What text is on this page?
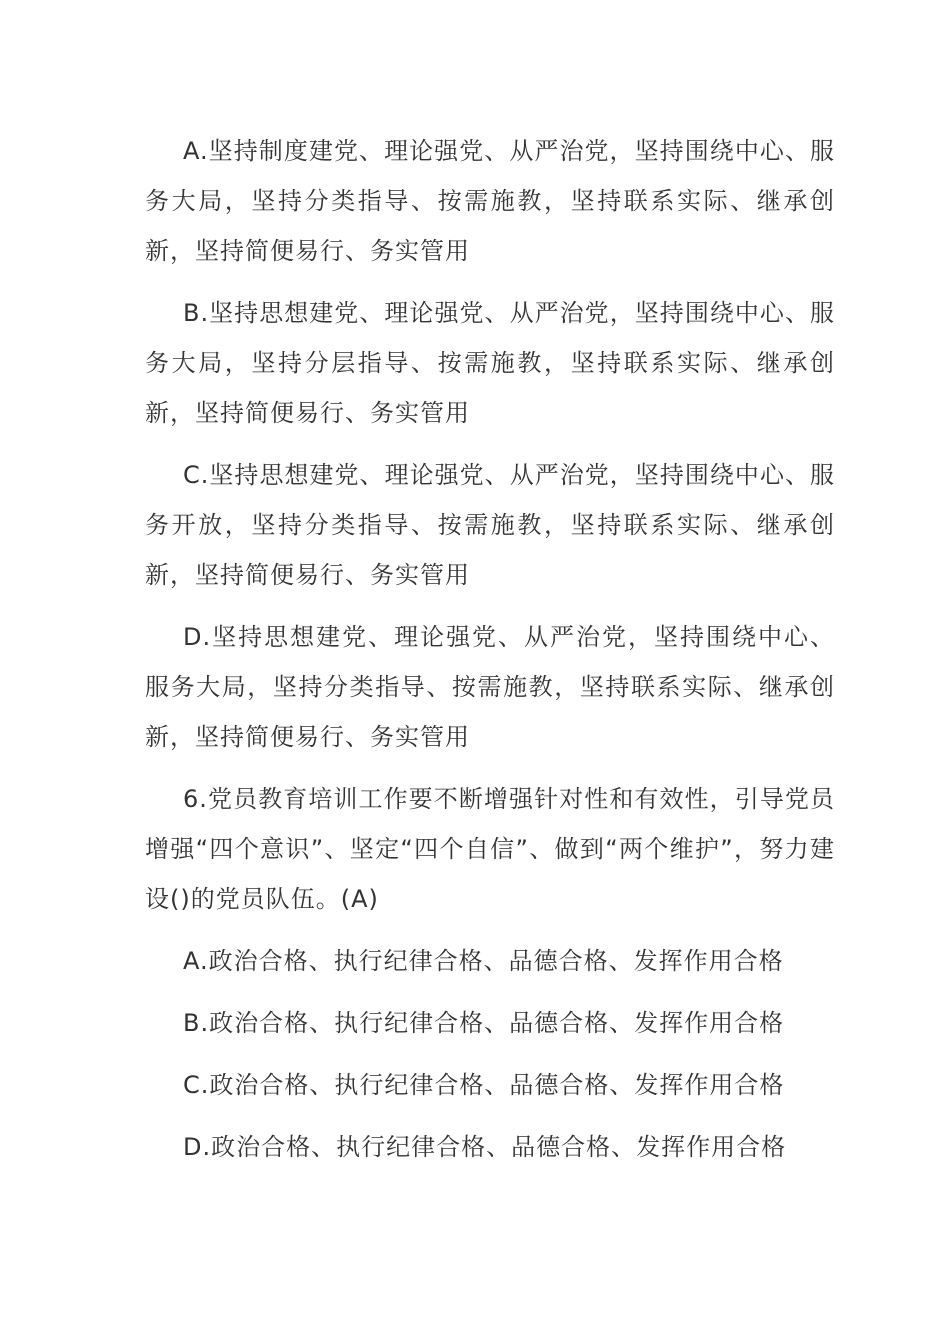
A.坚持制度建党、理论强党、从严治党，坚持围绕中心、服务大局，坚持分类指导、按需施教，坚持联系实际、继承创新，坚持简便易行、务实管用

B.坚持思想建党、理论强党、从严治党，坚持围绕中心、服务大局，坚持分层指导、按需施教，坚持联系实际、继承创新，坚持简便易行、务实管用

C.坚持思想建党、理论强党、从严治党，坚持围绕中心、服务开放，坚持分类指导、按需施教，坚持联系实际、继承创新，坚持简便易行、务实管用

D.坚持思想建党、理论强党、从严治党，坚持围绕中心、服务大局，坚持分类指导、按需施教，坚持联系实际、继承创新，坚持简便易行、务实管用

6.党员教育培训工作要不断增强针对性和有效性，引导党员增强“四个意识”、坚定“四个自信”、做到“两个维护”，努力建设()的党员队伍。(A)

A.政治合格、执行纪律合格、品德合格、发挥作用合格

B.政治合格、执行纪律合格、品德合格、发挥作用合格

C.政治合格、执行纪律合格、品德合格、发挥作用合格

D.政治合格、执行纪律合格、品德合格、发挥作用合格
